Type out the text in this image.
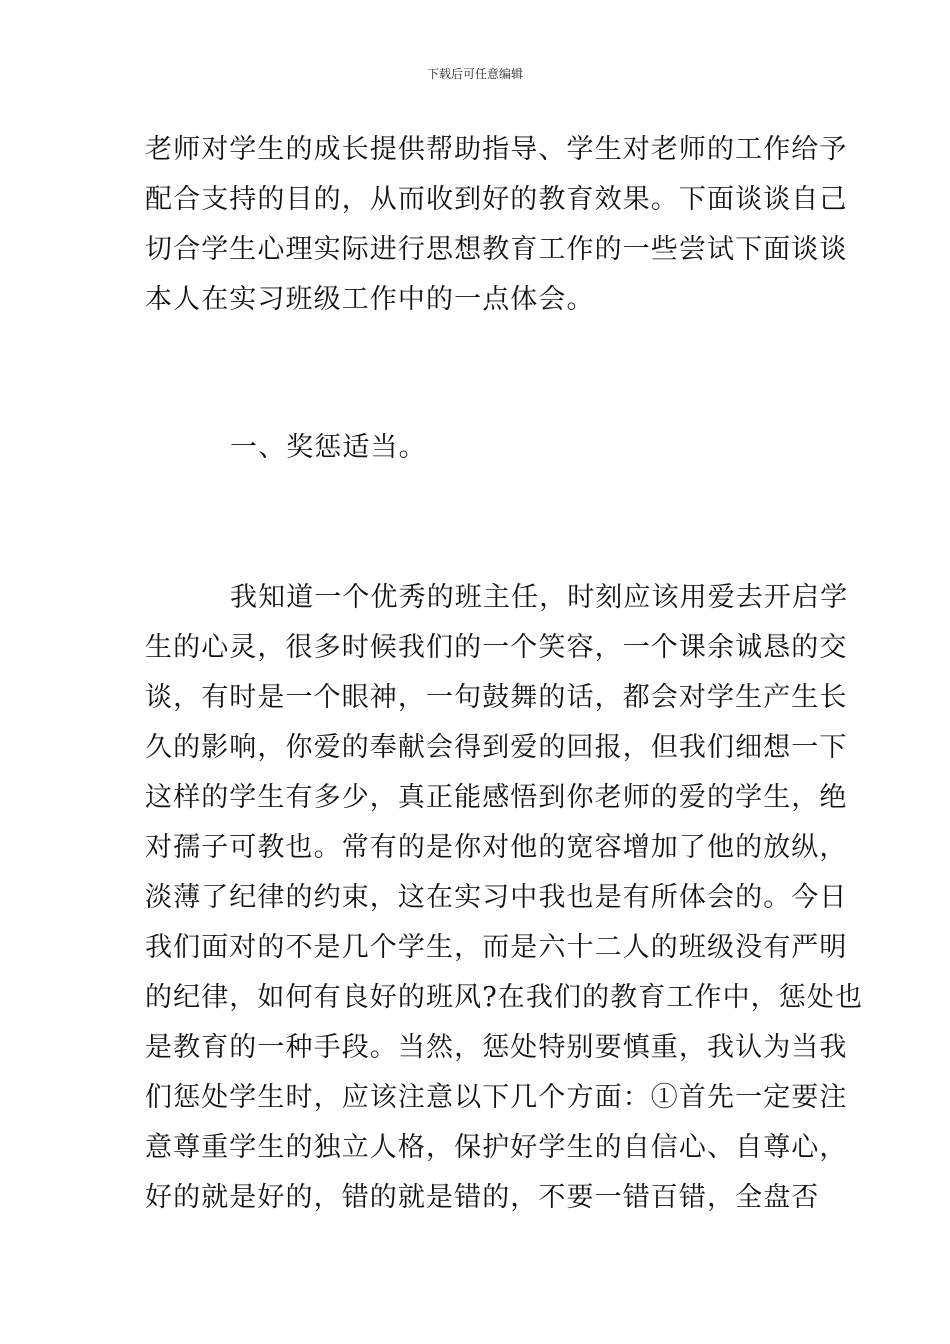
下载后可任意编辑
老师对学生的成长提供帮助指导、学生对老师的工作给予
配合支持的目的，从而收到好的教育效果。下面谈谈自己
切合学生心理实际进行思想教育工作的一些尝试下面谈谈
本人在实习班级工作中的一点体会。
一、奖惩适当。
我知道一个优秀的班主任，时刻应该用爱去开启学
生的心灵，很多时候我们的一个笑容，一个课余诚恳的交
谈，有时是一个眼神，一句鼓舞的话，都会对学生产生长
久的影响，你爱的奉献会得到爱的回报，但我们细想一下
这样的学生有多少，真正能感悟到你老师的爱的学生，绝
对孺子可教也。常有的是你对他的宽容增加了他的放纵，
淡薄了纪律的约束，这在实习中我也是有所体会的。今日
我们面对的不是几个学生，而是六十二人的班级没有严明
的纪律，如何有良好的班风?在我们的教育工作中，惩处也
是教育的一种手段。当然，惩处特别要慎重，我认为当我
们惩处学生时，应该注意以下几个方面：①首先一定要注
意尊重学生的独立人格，保护好学生的自信心、自尊心，
好的就是好的，错的就是错的，不要一错百错，全盘否
